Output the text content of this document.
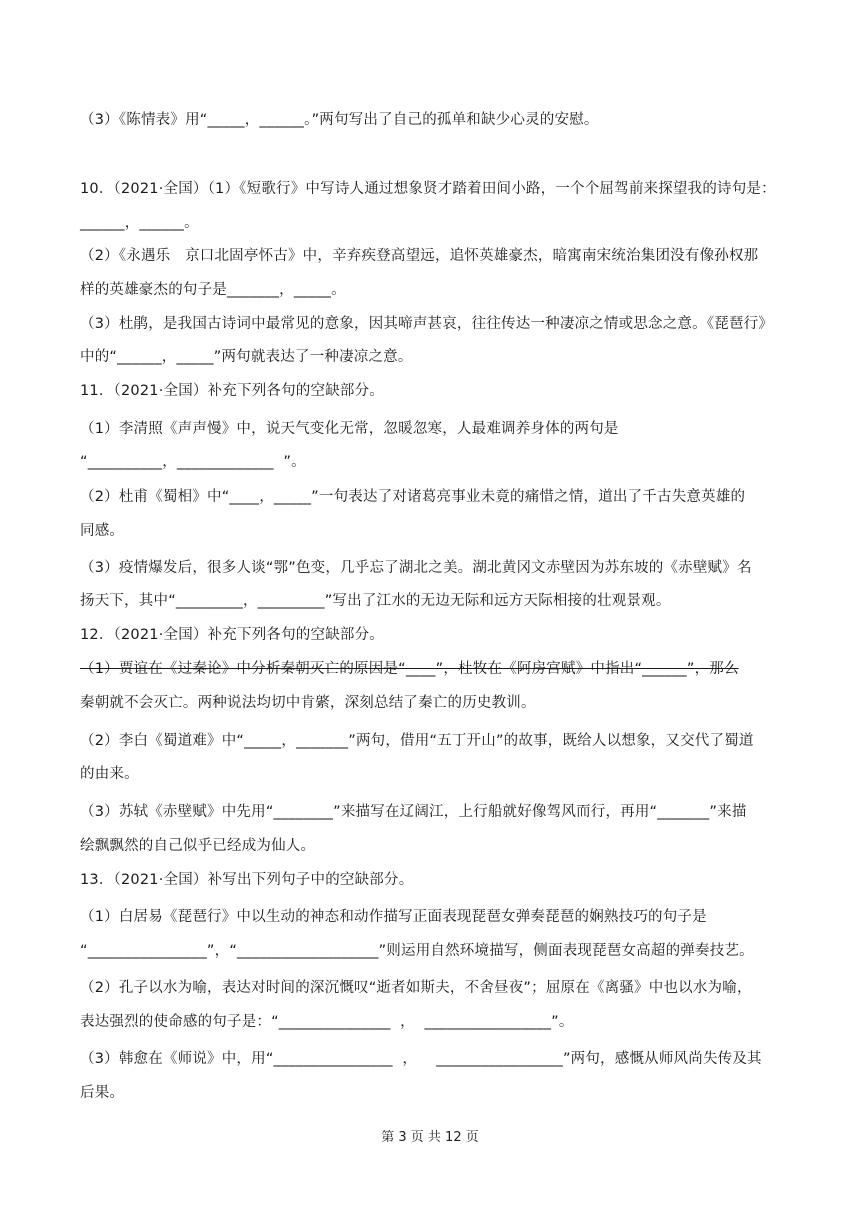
（3）《陈情表》用“_____，______。”两句写出了自己的孤单和缺少心灵的安慰。
10．（2021·全国）（1）《短歌行》中写诗人通过想象贤才踏着田间小路，一个个屈驾前来探望我的诗句是：
______，______。
（2）《永遇乐　京口北固亭怀古》中，辛弃疾登高望远，追怀英雄豪杰，暗寓南宋统治集团没有像孙权那
样的英雄豪杰的句子是_______，_____。
（3）杜鹃，是我国古诗词中最常见的意象，因其啼声甚哀，往往传达一种凄凉之情或思念之意。《琵琶行》
中的“______，_____”两句就表达了一种凄凉之意。
11．（2021·全国）补充下列各句的空缺部分。
（1）李清照《声声慢》中，说天气变化无常，忽暖忽寒，人最难调养身体的两句是
“__________，_____________  ”。
（2）杜甫《蜀相》中“____，_____”一句表达了对诸葛亮事业未竟的痛惜之情，道出了千古失意英雄的
同感。
（3）疫情爆发后，很多人谈“鄂”色变，几乎忘了湖北之美。湖北黄冈文赤壁因为苏东坡的《赤壁赋》名
扬天下，其中“_________，_________”写出了江水的无边无际和远方天际相接的壮观景观。
12．（2021·全国）补充下列各句的空缺部分。
（1）贾谊在《过秦论》中分析秦朝灭亡的原因是“____”，杜牧在《阿房宫赋》中指出“______”，那么
秦朝就不会灭亡。两种说法均切中肯綮，深刻总结了秦亡的历史教训。
（2）李白《蜀道难》中“_____，_______”两句，借用“五丁开山”的故事，既给人以想象，又交代了蜀道
的由来。
（3）苏轼《赤壁赋》中先用“________”来描写在辽阔江，上行船就好像驾风而行，再用“_______”来描
绘飘飘然的自己似乎已经成为仙人。
13．（2021·全国）补写出下列句子中的空缺部分。
（1）白居易《琵琶行》中以生动的神态和动作描写正面表现琵琶女弹奏琵琶的娴熟技巧的句子是
“________________”，“___________________”则运用自然环境描写，侧面表现琵琶女高超的弹奏技艺。
（2）孔子以水为喻，表达对时间的深沉慨叹“逝者如斯夫，不舍昼夜”；屈原在《离骚》中也以水为喻，
表达强烈的使命感的句子是：“_______________  ，  _________________”。
（3）韩愈在《师说》中，用“________________  ，    _________________”两句，感慨从师风尚失传及其
后果。
第 3 页 共 12 页
